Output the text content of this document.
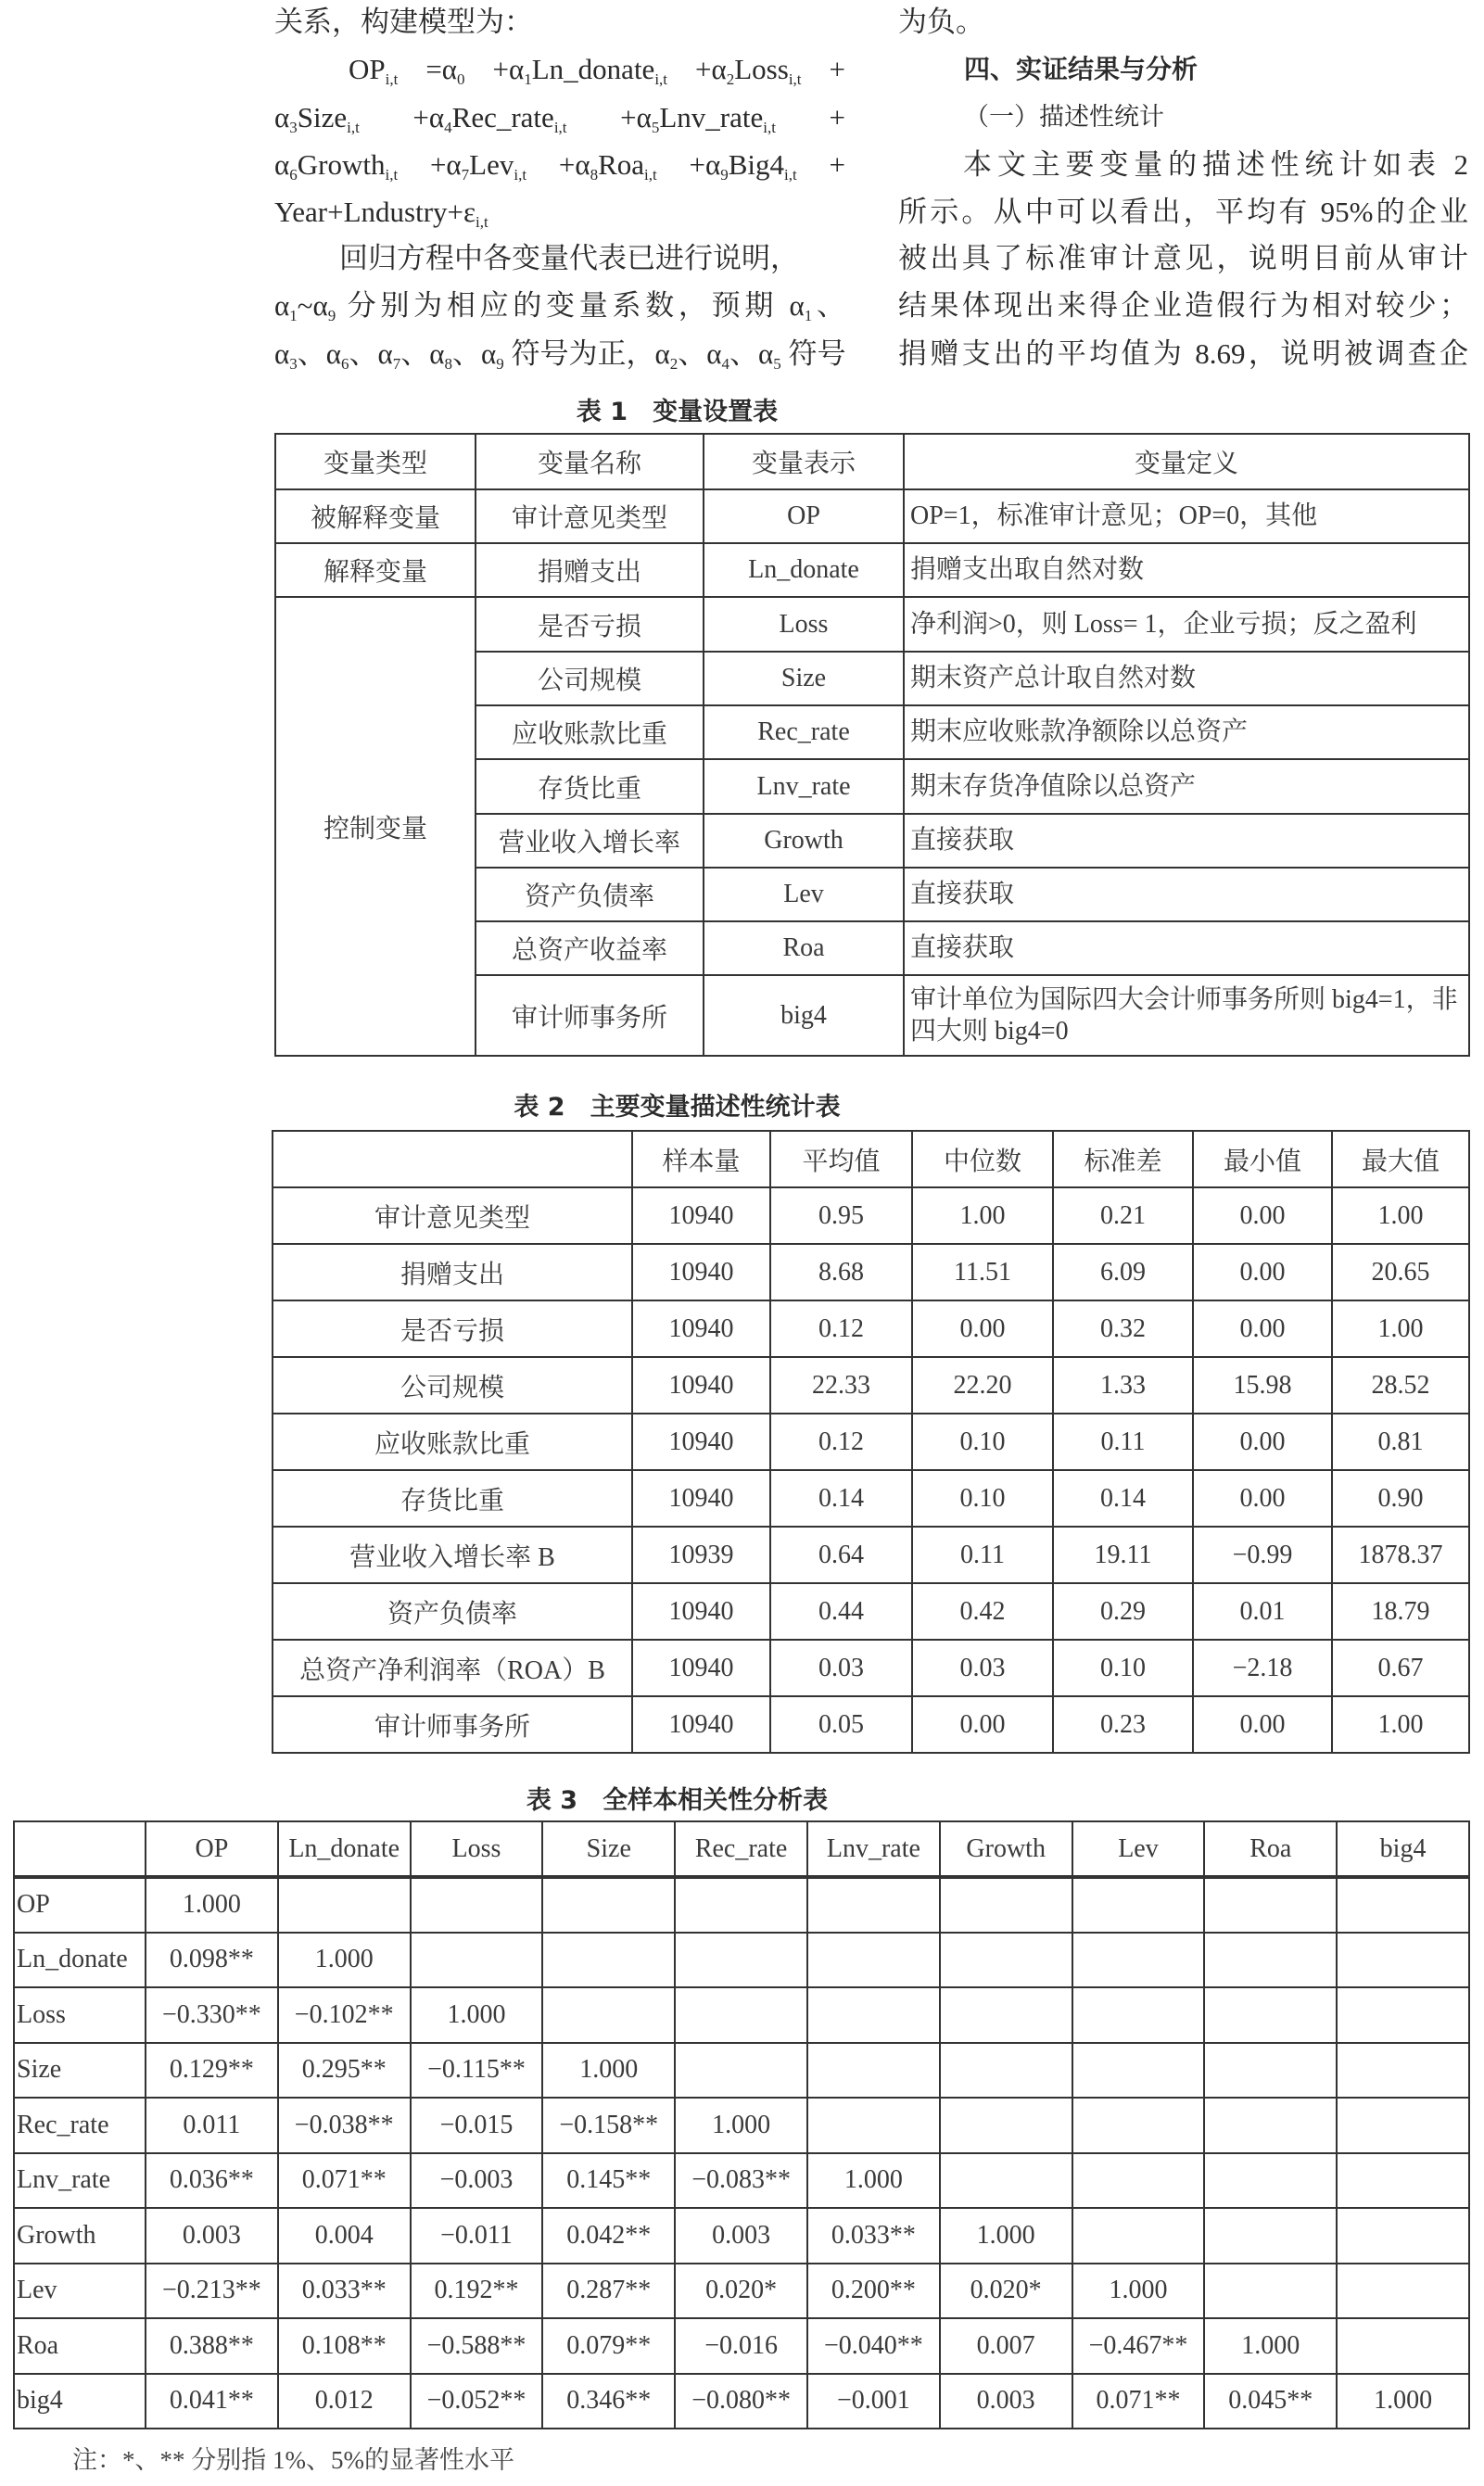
关系，构建模型为：
$OP_{i,t} =\alpha_0$ $+\alpha_1Ln\_donate_{i,t}$ $+\alpha_2Loss_{i,t}$ +
$\alpha_3Size_{i,t}$ $+\alpha_4Rec\_rate_{i,t}$ $+\alpha_5Lnv\_rate_{i,t}$ +
$\alpha_6Growth_{i,t} +\alpha_7Lev_{i,t} +\alpha_8Roa_{i,t} +\alpha_9Big4_{i,t}$ +
$Year+Lndustry+\varepsilon_{i,t}$
回归方程中各变量代表已进行说明，
$\alpha_1\sim\alpha_9$ 分别为相应的变量系数，预期 $\alpha_1$、
$\alpha_3$、$\alpha_6$、$\alpha_7$、$\alpha_8$、$\alpha_9$ 符号为正，$\alpha_2$、$\alpha_4$、$\alpha_5$ 符号
为负。
四、实证结果与分析
（一）描述性统计
本文主要变量的描述性统计如表 2
所示。从中可以看出，平均有 95%的企业
被出具了标准审计意见，说明目前从审计
结果体现出来得企业造假行为相对较少；
捐赠支出的平均值为 8.69，说明被调查企
表 1　变量设置表
变量类型	变量名称	变量表示	变量定义
被解释变量	审计意见类型	OP	OP=1，标准审计意见；OP=0，其他
解释变量	捐赠支出	Ln_donate	捐赠支出取自然对数
控制变量	是否亏损	Loss	净利润>0，则 Loss= 1，企业亏损；反之盈利
	公司规模	Size	期末资产总计取自然对数
	应收账款比重	Rec_rate	期末应收账款净额除以总资产
	存货比重	Lnv_rate	期末存货净值除以总资产
	营业收入增长率	Growth	直接获取
	资产负债率	Lev	直接获取
	总资产收益率	Roa	直接获取
	审计师事务所	big4	审计单位为国际四大会计师事务所则 big4=1，非四大则 big4=0
表 2　主要变量描述性统计表
	样本量	平均值	中位数	标准差	最小值	最大值
审计意见类型	10940	0.95	1.00	0.21	0.00	1.00
捐赠支出	10940	8.68	11.51	6.09	0.00	20.65
是否亏损	10940	0.12	0.00	0.32	0.00	1.00
公司规模	10940	22.33	22.20	1.33	15.98	28.52
应收账款比重	10940	0.12	0.10	0.11	0.00	0.81
存货比重	10940	0.14	0.10	0.14	0.00	0.90
营业收入增长率 B	10939	0.64	0.11	19.11	−0.99	1878.37
资产负债率	10940	0.44	0.42	0.29	0.01	18.79
总资产净利润率（ROA）B	10940	0.03	0.03	0.10	−2.18	0.67
审计师事务所	10940	0.05	0.00	0.23	0.00	1.00
表 3　全样本相关性分析表
	OP	Ln_donate	Loss	Size	Rec_rate	Lnv_rate	Growth	Lev	Roa	big4
OP	1.000									
Ln_donate	0.098**	1.000								
Loss	−0.330**	−0.102**	1.000							
Size	0.129**	0.295**	−0.115**	1.000						
Rec_rate	0.011	−0.038**	−0.015	−0.158**	1.000					
Lnv_rate	0.036**	0.071**	−0.003	0.145**	−0.083**	1.000				
Growth	0.003	0.004	−0.011	0.042**	0.003	0.033**	1.000			
Lev	−0.213**	0.033**	0.192**	0.287**	0.020*	0.200**	0.020*	1.000		
Roa	0.388**	0.108**	−0.588**	0.079**	−0.016	−0.040**	0.007	−0.467**	1.000	
big4	0.041**	0.012	−0.052**	0.346**	−0.080**	−0.001	0.003	0.071**	0.045**	1.000
注：*、** 分别指 1%、5%的显著性水平
